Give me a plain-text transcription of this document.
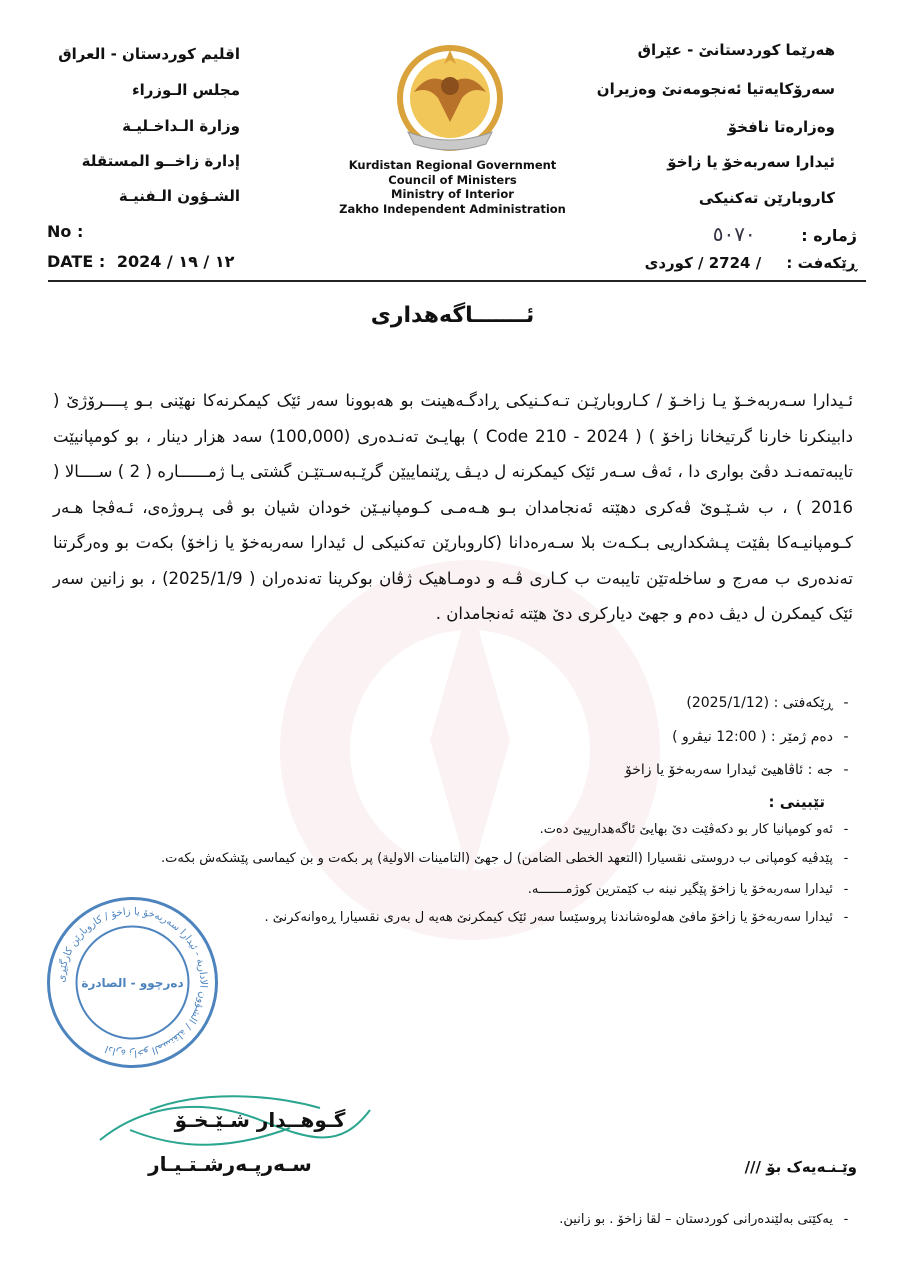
اقليم كوردستان - العراق
مجلس الـوزراء
وزارة الـداخـليـة
إدارة زاخــو المستقلة
الشـؤون الـفنيـة
هەرێما کوردستانێ - عێراق
سەرۆکایەتیا ئەنجومەنێ وەزیران
وەزارەتا نافخۆ
ئیدارا سەربەخۆ یا زاخۆ
کاروبارێن تەکنیکی
Kurdistan Regional Government
Council of Ministers
Ministry of Interior
Zakho Independent Administration
No :
DATE : 2024 / ١٢ / ١٩
ژمارە : ٥٠٧٠
ڕێکەفت : / 2724 / کوردی
ئـــــــاگەهداری
ئـیدارا سـەربەخـۆ یـا زاخـۆ / کـاروبارێـن تـەکـنیکی ڕادگـەهینت بو هەبوونا سەر ئێک کیمکرنەکا نهێنی بـو پــــرۆژێ ( دابینکرنا خارنا گرتیخانا زاخۆ ) ( Code 210 - 2024 ) بهایـێ تەنـدەری (100,000) سەد هزار دینار ، بو کومپانیێت تایبەتمەنـد دڤێ بواری دا ، ئەڤ سـەر ئێک کیمکرنە ل دیـڤ ڕێنماییێن گرێـبەسـتێـن گشتی یـا ژمــــــارە ( 2 ) ســــالا ( 2016 ) ، ب شـێـوێ ڤەکری دهێتە ئەنجامدان بـو هـەمـی کـومپانیـێن خودان شیان بو ڤی پـروژەی، ئـەڤجا هـەر کـومپانیـەکا بڤێت پـشکداریی بـکـەت بلا سـەرەدانا (کاروبارێن تەکنیکی ل ئیدارا سەربەخۆ یا زاخۆ) بکەت بو وەرگرتنا تەندەری ب مەرج و ساخلەتێن تایبەت ب کـاری ڤـە و دومـاهیک ژڤان بوکرینا تەندەران ( 2025/1/9) ، بو زانین سەر ئێک کیمکرن ل دیڤ دەم و جهێ دیارکری دێ هێتە ئەنجامدان .
-ڕێکەفتی : (2025/1/12)
-دەم ژمێر : ( 12:00 نیڤرو )
-جه : ئاڤاهیێ ئیدارا سەربەخۆ یا زاخۆ
تێبینی :
-ئەو کومپانیا کار بو دکەڤێت دێ بهایێ ئاگەهدارییێ دەت.
-پێدڤیە کومپانی ب دروستی نقسیارا (التعهد الخطی الضامن) ل جهێ (التامینات الاولیة) پر بکەت و بن کیماسی پێشکەش بکەت.
-ئیدارا سەربەخۆ یا زاخۆ پێگیر نینە ب کێمترین کوژمـــــــە.
-ئیدارا سەربەخۆ یا زاخۆ مافێ هەلوەشاندنا پروسێسا سەر ئێک کیمکرنێ هەیە ل بەری نقسیارا ڕەوانەکرنێ .
ادارة زاخو المستقلة / الشؤون الادارية - ئیدارا سەربەخۆ یا زاخۆ / کاروبارێن کارگێڕی
دەرچوو - الصادرة
گـوهــدار شـێـخـۆ
سـەرپـەرشـتـيـار	وێـنـەیەک بۆ ///
-یەکێتی بەلێندەرانی کوردستان – لقا زاخۆ . بو زانین.
